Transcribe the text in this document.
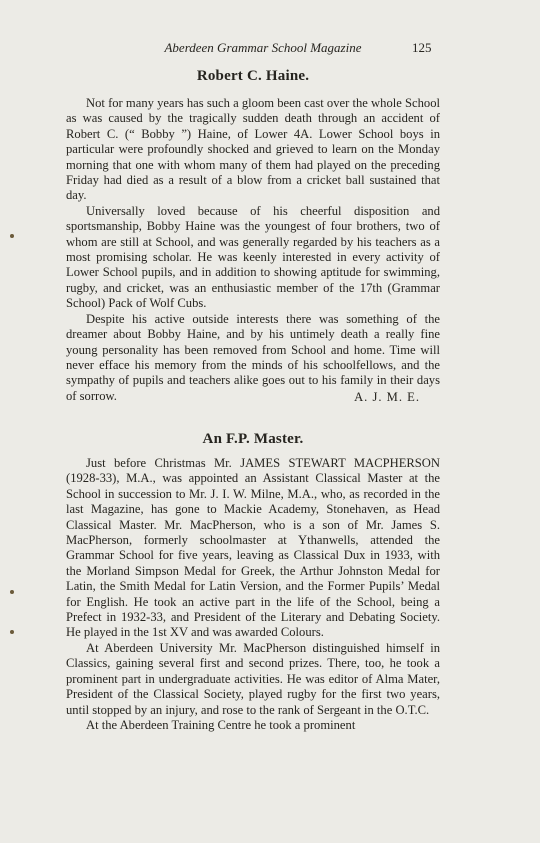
Aberdeen Grammar School Magazine	125
Robert C. Haine.

Not for many years has such a gloom been cast over the whole School as was caused by the tragically sudden death through an accident of Robert C. (“ Bobby ”) Haine, of Lower 4A. Lower School boys in particular were profoundly shocked and grieved to learn on the Monday morning that one with whom many of them had played on the preceding Friday had died as a result of a blow from a cricket ball sustained that day.

Universally loved because of his cheerful disposition and sportsmanship, Bobby Haine was the youngest of four brothers, two of whom are still at School, and was generally regarded by his teachers as a most promising scholar. He was keenly interested in every activity of Lower School pupils, and in addition to showing aptitude for swimming, rugby, and cricket, was an enthusiastic member of the 17th (Grammar School) Pack of Wolf Cubs.

Despite his active outside interests there was something of the dreamer about Bobby Haine, and by his untimely death a really fine young personality has been removed from School and home. Time will never efface his memory from the minds of his schoolfellows, and the sympathy of pupils and teachers alike goes out to his family in their days of sorrow.	A. J. M. E.
An F.P. Master.

Just before Christmas Mr. JAMES STEWART MACPHERSON (1928-33), M.A., was appointed an Assistant Classical Master at the School in succession to Mr. J. I. W. Milne, M.A., who, as recorded in the last Magazine, has gone to Mackie Academy, Stonehaven, as Head Classical Master. Mr. MacPherson, who is a son of Mr. James S. MacPherson, formerly schoolmaster at Ythanwells, attended the Grammar School for five years, leaving as Classical Dux in 1933, with the Morland Simpson Medal for Greek, the Arthur Johnston Medal for Latin, the Smith Medal for Latin Version, and the Former Pupils’ Medal for English. He took an active part in the life of the School, being a Prefect in 1932-33, and President of the Literary and Debating Society. He played in the 1st XV and was awarded Colours.

At Aberdeen University Mr. MacPherson distinguished himself in Classics, gaining several first and second prizes. There, too, he took a prominent part in undergraduate activities. He was editor of Alma Mater, President of the Classical Society, played rugby for the first two years, until stopped by an injury, and rose to the rank of Sergeant in the O.T.C.

At the Aberdeen Training Centre he took a prominent
